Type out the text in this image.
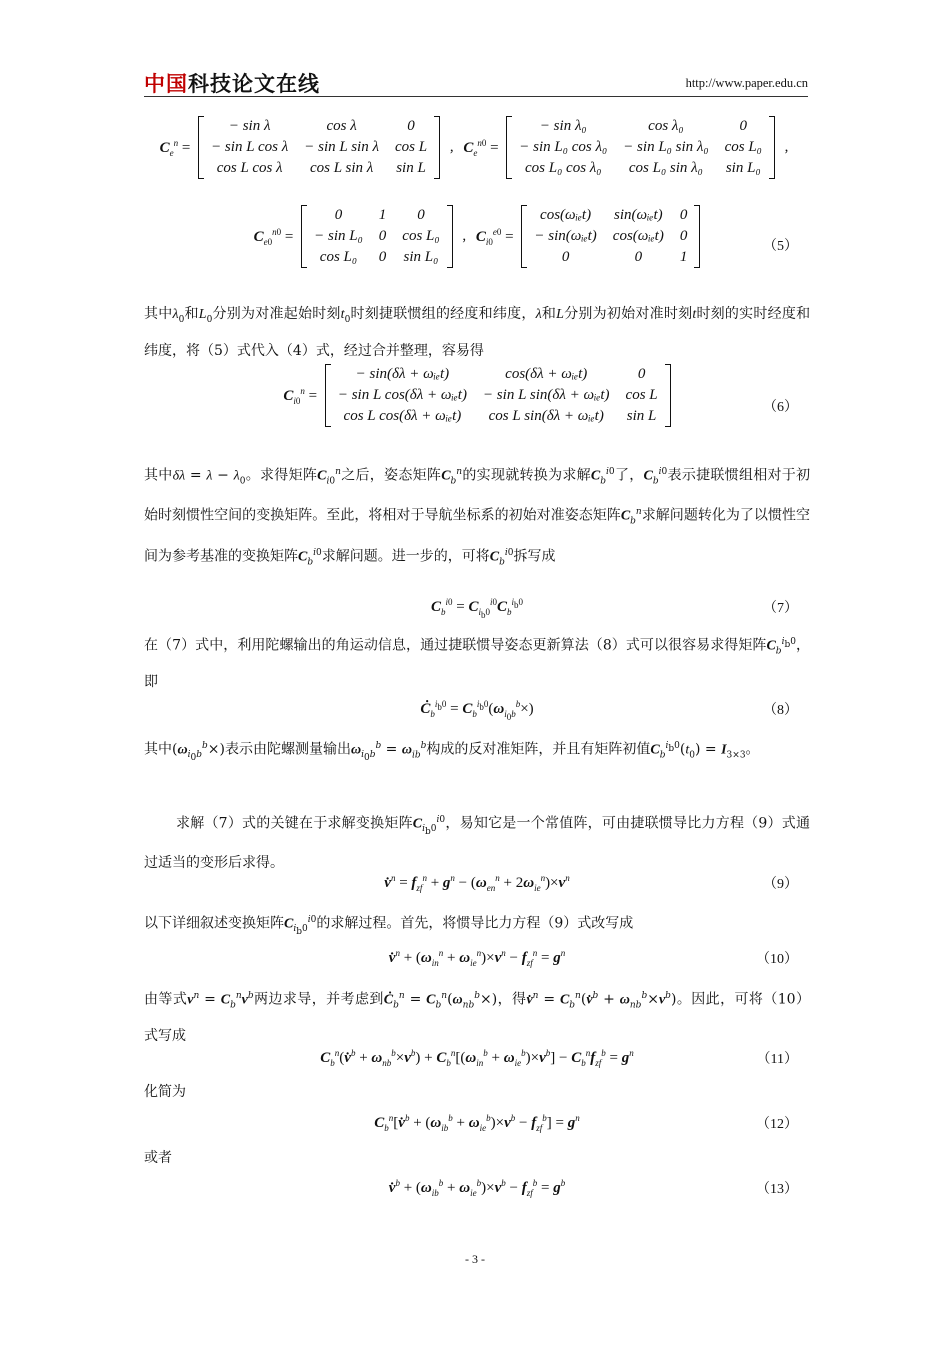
中国科技论文在线	http://www.paper.edu.cn
$C_e^n$ =
− sin λ	cos λ	0
− sin L cos λ	− sin L sin λ	cos L
cos L cos λ	cos L sin λ	sin L
, $C_e^{n0}$ =
− sin λ₀	cos λ₀	0
− sin L₀ cos λ₀	− sin L₀ sin λ₀	cos L₀
cos L₀ cos λ₀	cos L₀ sin λ₀	sin L₀
,
$C_{e0}^{n0}$ =
0	1	0
− sin L₀	0	cos L₀
cos L₀	0	sin L₀
, $C_{i0}^{e0}$ =
cos(ωᵢₑt)	sin(ωᵢₑt)	0
− sin(ωᵢₑt)	cos(ωᵢₑt)	0
0	0	1
（5）
其中$\lambda_0$和$L_0$分别为对准起始时刻$t_0$时刻捷联惯组的经度和纬度，λ和L分别为初始对准时刻t时刻的实时经度和纬度，将（5）式代入（4）式，经过合并整理，容易得
$C_{i0}^n$ =
− sin(δλ + ωᵢₑt)	cos(δλ + ωᵢₑt)	0
− sin L cos(δλ + ωᵢₑt)	− sin L sin(δλ + ωᵢₑt)	cos L
cos L cos(δλ + ωᵢₑt)	cos L sin(δλ + ωᵢₑt)	sin L
（6）
其中$\delta\lambda = \lambda - \lambda_0$。求得矩阵$C_{i0}^n$之后，姿态矩阵$C_b^n$的实现就转换为求解$C_b^{i0}$了，$C_b^{i0}$表示捷联惯组相对于初始时刻惯性空间的变换矩阵。至此，将相对于导航坐标系的初始对准姿态矩阵$C_b^n$求解问题转化为了以惯性空间为参考基准的变换矩阵$C_b^{i0}$求解问题。进一步的，可将$C_b^{i0}$拆写成
$C_b^{i0} = C_{i_b0}^{i0}C_b^{i_b0}$	（7）
在（7）式中，利用陀螺输出的角运动信息，通过捷联惯导姿态更新算法（8）式可以很容易求得矩阵$C_b^{i_b0}$，即
$Ċ_b^{i_b0} = C_b^{i_b0}(\omega_{i_0b}^b\times)$	（8）
其中$(\omega_{i_0b}^b\times)$表示由陀螺测量输出$\omega_{i_0b}^b = \omega_{ib}^b$构成的反对准矩阵，并且有矩阵初值$C_b^{i_b0}(t_0) = I_{3\times 3}$。
求解（7）式的关键在于求解变换矩阵$C_{i_b0}^{i0}$，易知它是一个常值阵，可由捷联惯导比力方程（9）式通过适当的变形后求得。
v̇$^n$ = $f_{zf}^n + g^n - (\omega_{en}^n + 2\omega_{ie}^n)\times v^n$	（9）
以下详细叙述变换矩阵$C_{i_b0}^{i0}$的求解过程。首先，将惯导比力方程（9）式改写成
v̇$^n$ + $(\omega_{in}^n + \omega_{ie}^n)\times v^n - f_{zf}^n = g^n$	（10）
由等式$v^n = C_b^nv^b$两边求导，并考虑到$Ċ_b^n = C_b^n(\omega_{nb}^b\times)$，得v̇$^n$ = $C_b^n(v̇^b + \omega_{nb}^b\times v^b)$。因此，可将（10）式写成
$C_b^n(v̇^b + \omega_{nb}^b\times v^b) + C_b^n[(\omega_{in}^b + \omega_{ie}^b)\times v^b] - C_b^nf_{zf}^b = g^n$	（11）
化简为
$C_b^n[v̇^b + (\omega_{ib}^b + \omega_{ie}^b)\times v^b - f_{zf}^b] = g^n$	（12）
或者
v̇$^b$ + $(\omega_{ib}^b + \omega_{ie}^b)\times v^b - f_{zf}^b = g^b$	（13）
- 3 -
